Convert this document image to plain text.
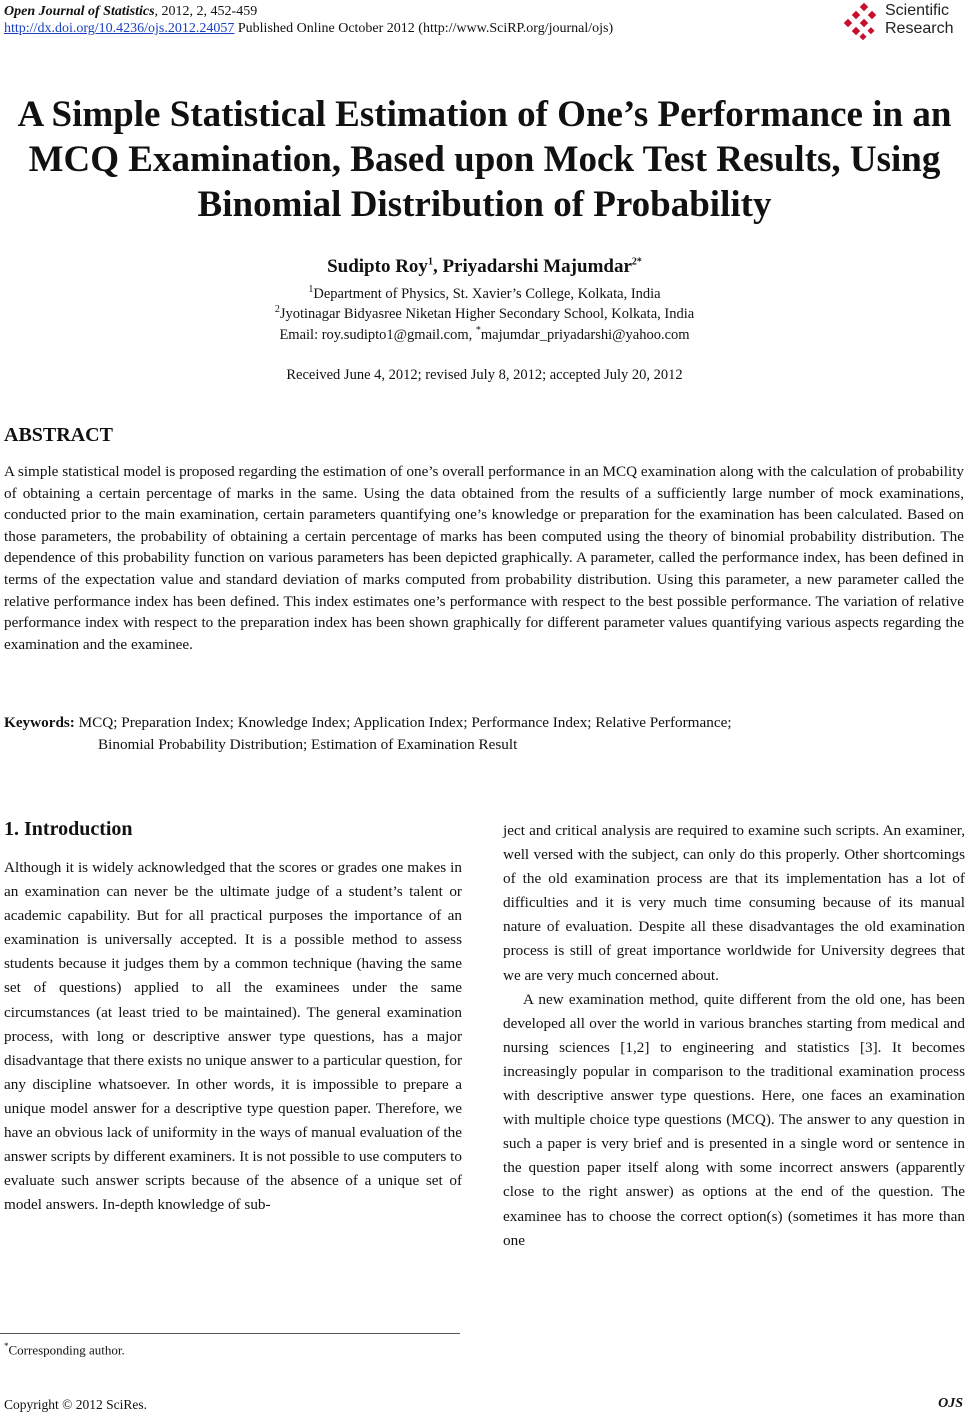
Open Journal of Statistics, 2012, 2, 452-459
http://dx.doi.org/10.4236/ojs.2012.24057 Published Online October 2012 (http://www.SciRP.org/journal/ojs)
Scientific
Research
A Simple Statistical Estimation of One’s Performance in an
MCQ Examination, Based upon Mock Test Results, Using
Binomial Distribution of Probability
Sudipto Roy$^1$, Priyadarshi Majumdar$^{2*}$
$^1$Department of Physics, St. Xavier’s College, Kolkata, India
$^2$Jyotinagar Bidyasree Niketan Higher Secondary School, Kolkata, India
Email: roy.sudipto1@gmail.com, *majumdar_priyadarshi@yahoo.com
Received June 4, 2012; revised July 8, 2012; accepted July 20, 2012
ABSTRACT
A simple statistical model is proposed regarding the estimation of one’s overall performance in an MCQ examination along with the calculation of probability of obtaining a certain percentage of marks in the same. Using the data obtained from the results of a sufficiently large number of mock examinations, conducted prior to the main examination, certain parameters quantifying one’s knowledge or preparation for the examination has been calculated. Based on those parameters, the probability of obtaining a certain percentage of marks has been computed using the theory of binomial probability distribution. The dependence of this probability function on various parameters has been depicted graphically. A parameter, called the performance index, has been defined in terms of the expectation value and standard deviation of marks computed from probability distribution. Using this parameter, a new parameter called the relative performance index has been defined. This index estimates one’s performance with respect to the best possible performance. The variation of relative performance index with respect to the preparation index has been shown graphically for different parameter values quantifying various aspects regarding the examination and the examinee.
Keywords: MCQ; Preparation Index; Knowledge Index; Application Index; Performance Index; Relative Performance;
Binomial Probability Distribution; Estimation of Examination Result
1. Introduction

Although it is widely acknowledged that the scores or grades one makes in an examination can never be the ultimate judge of a student’s talent or academic capability. But for all practical purposes the importance of an examination is universally accepted. It is a possible method to assess students because it judges them by a common technique (having the same set of questions) applied to all the examinees under the same circumstances (at least tried to be maintained). The general examination process, with long or descriptive answer type questions, has a major disadvantage that there exists no unique answer to a particular question, for any discipline whatsoever. In other words, it is impossible to prepare a unique model answer for a descriptive type question paper. Therefore, we have an obvious lack of uniformity in the ways of manual evaluation of the answer scripts by different examiners. It is not possible to use computers to evaluate such answer scripts because of the absence of a unique set of model answers. In-depth knowledge of sub-

ject and critical analysis are required to examine such scripts. An examiner, well versed with the subject, can only do this properly. Other shortcomings of the old examination process are that its implementation has a lot of difficulties and it is very much time consuming because of its manual nature of evaluation. Despite all these disadvantages the old examination process is still of great importance worldwide for University degrees that we are very much concerned about.

A new examination method, quite different from the old one, has been developed all over the world in various branches starting from medical and nursing sciences [1,2] to engineering and statistics [3]. It becomes increasingly popular in comparison to the traditional examination process with descriptive answer type questions. Here, one faces an examination with multiple choice type questions (MCQ). The answer to any question in such a paper is very brief and is presented in a single word or sentence in the question paper itself along with some incorrect answers (apparently close to the right answer) as options at the end of the question. The examinee has to choose the correct option(s) (sometimes it has more than one

*Corresponding author.
Copyright © 2012 SciRes.	OJS
